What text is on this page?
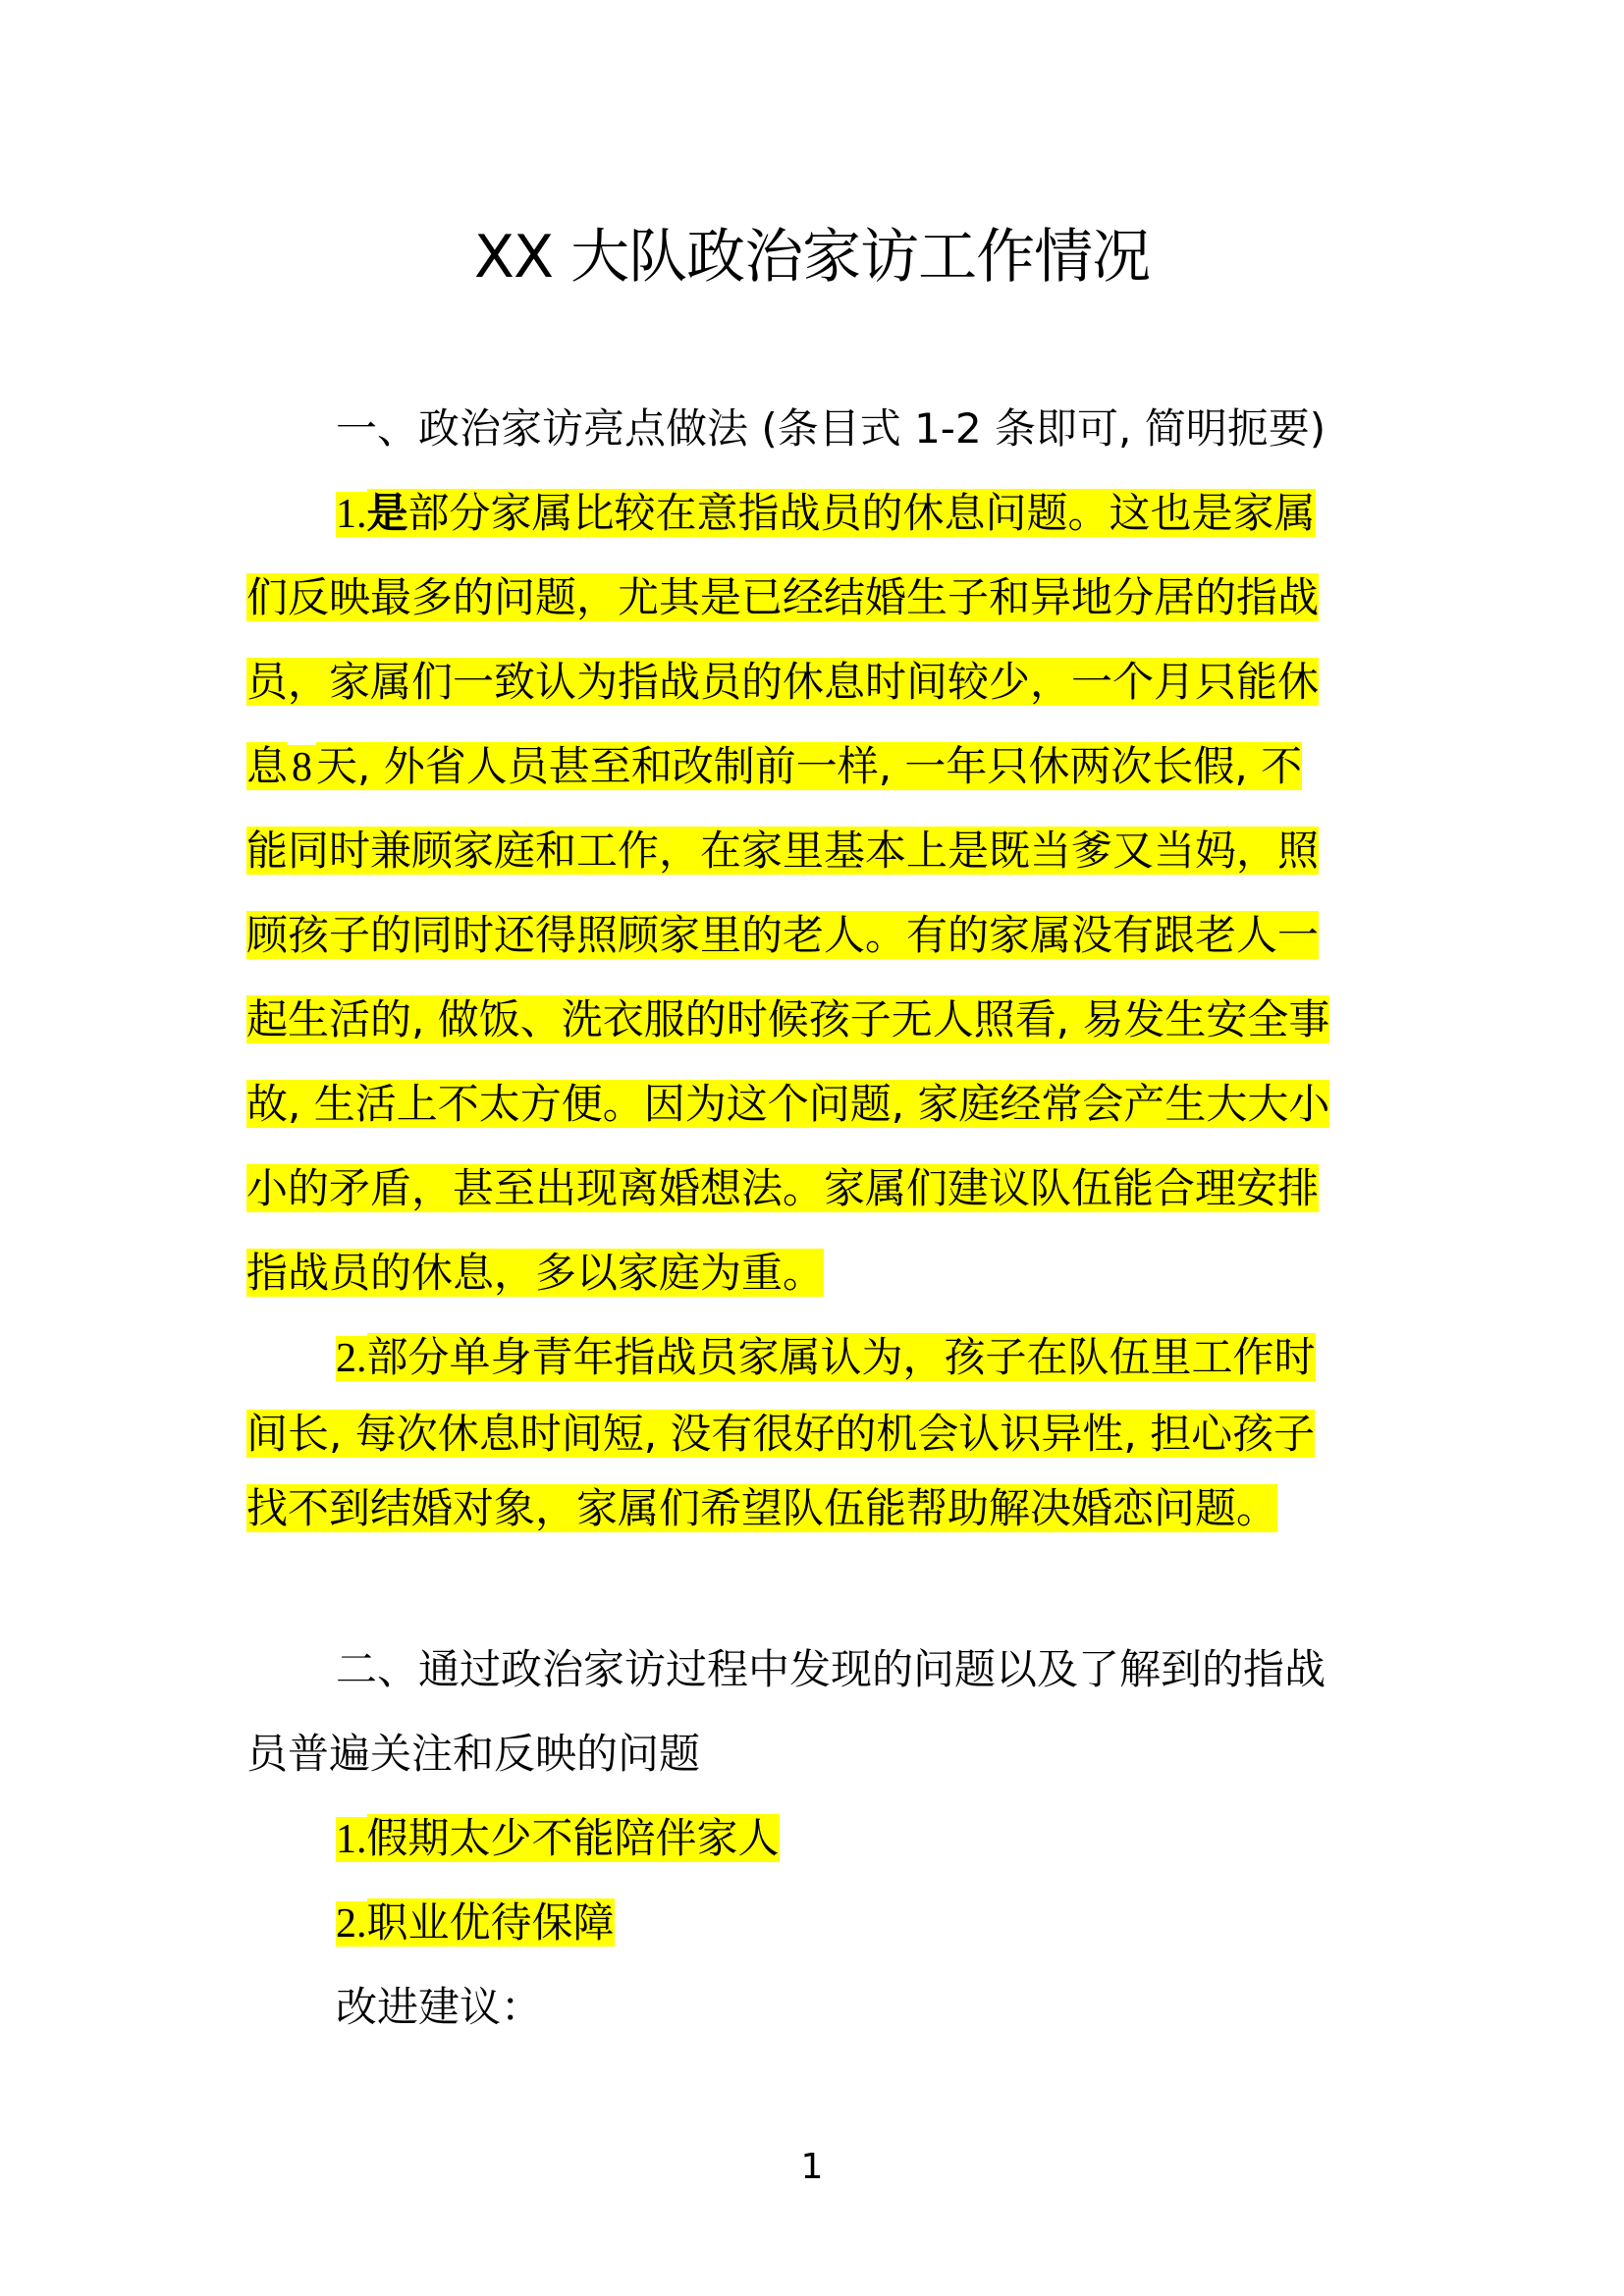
XX 大队政治家访工作情况
一、政治家访亮点做法 (条目式 1-2 条即可, 简明扼要)
1.是部分家属比较在意指战员的休息问题。这也是家属
们反映最多的问题，尤其是已经结婚生子和异地分居的指战
员，家属们一致认为指战员的休息时间较少，一个月只能休
息8天, 外省人员甚至和改制前一样, 一年只休两次长假, 不
能同时兼顾家庭和工作，在家里基本上是既当爹又当妈，照
顾孩子的同时还得照顾家里的老人。有的家属没有跟老人一
起生活的, 做饭、洗衣服的时候孩子无人照看, 易发生安全事
故, 生活上不太方便。因为这个问题, 家庭经常会产生大大小
小的矛盾，甚至出现离婚想法。家属们建议队伍能合理安排
指战员的休息，多以家庭为重。
2.部分单身青年指战员家属认为，孩子在队伍里工作时
间长, 每次休息时间短, 没有很好的机会认识异性, 担心孩子
找不到结婚对象，家属们希望队伍能帮助解决婚恋问题。
二、通过政治家访过程中发现的问题以及了解到的指战
员普遍关注和反映的问题
1.假期太少不能陪伴家人
2.职业优待保障
改进建议：
1
